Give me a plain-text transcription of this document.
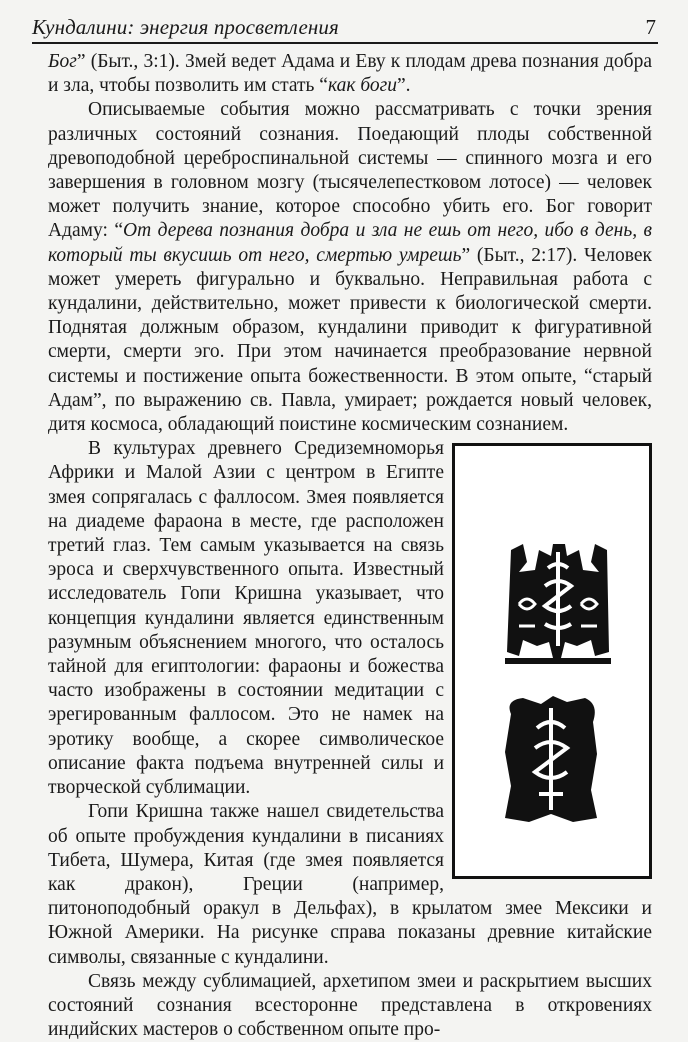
Кундалини: энергия просветления	7

Бог” (Быт., 3:1). Змей ведет Адама и Еву к плодам древа познания добра и зла, чтобы позволить им стать “как боги”.

Описываемые события можно рассматривать с точки зрения различных состояний сознания. Поедающий плоды собственной древоподобной цереброспинальной системы — спинного мозга и его завершения в головном мозгу (тысячелепестковом лотосе) — человек может получить знание, которое способно убить его. Бог говорит Адаму: “От дерева познания добра и зла не ешь от него, ибо в день, в который ты вкусишь от него, смертью умрешь” (Быт., 2:17). Человек может умереть фигурально и буквально. Неправильная работа с кундалини, действительно, может привести к биологической смерти. Поднятая должным образом, кундалини приводит к фигуративной смерти, смерти эго. При этом начинается преобразование нервной системы и постижение опыта божественности. В этом опыте, “старый Адам”, по выражению св. Павла, умирает; рождается новый человек, дитя космоса, обладающий поистине космическим сознанием.

В культурах древнего Средиземноморья Африки и Малой Азии с центром в Египте змея сопрягалась с фаллосом. Змея появляется на диадеме фараона в месте, где расположен третий глаз. Тем самым указывается на связь эроса и сверхчувственного опыта. Известный исследователь Гопи Кришна указывает, что концепция кундалини является единственным разумным объяснением многого, что осталось тайной для египтологии: фараоны и божества часто изображены в состоянии медитации с эрегированным фаллосом. Это не намек на эротику вообще, а скорее символическое описание факта подъема внутренней силы и творческой сублимации.

Гопи Кришна также нашел свидетельства об опыте пробуждения кундалини в писаниях Тибета, Шумера, Китая (где змея появляется как дракон), Греции (например, питоноподобный оракул в Дельфах), в крылатом змее Мексики и Южной Америки. На рисунке справа показаны древние китайские символы, связанные с кундалини.

Связь между сублимацией, архетипом змеи и раскрытием высших состояний сознания всесторонне представлена в откровениях индийских мастеров о собственном опыте про-
